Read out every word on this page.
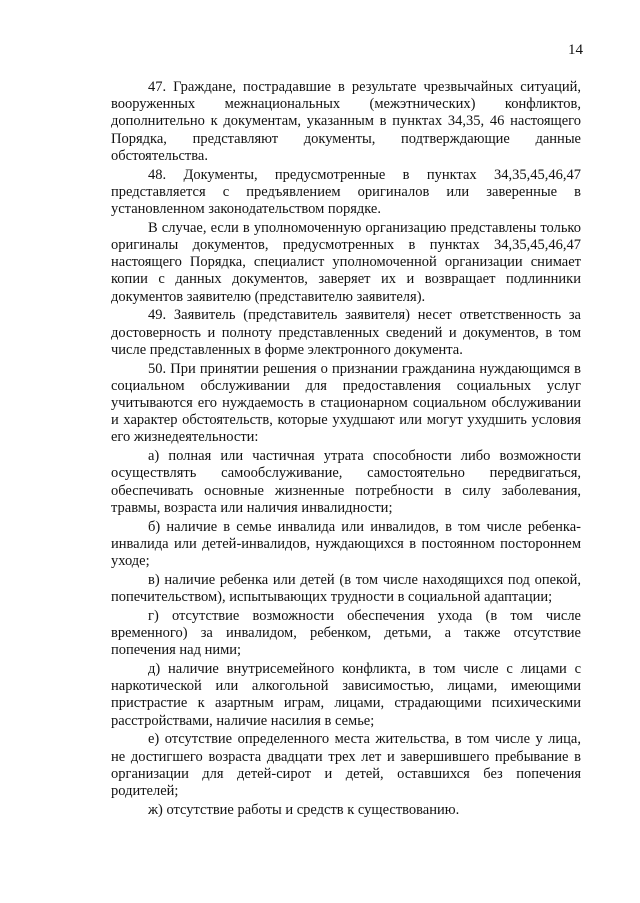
14

47. Граждане, пострадавшие в результате чрезвычайных ситуаций, вооруженных межнациональных (межэтнических) конфликтов, дополнительно к документам, указанным в пунктах 34,35, 46 настоящего Порядка, представляют документы, подтверждающие данные обстоятельства.

48. Документы, предусмотренные в пунктах 34,35,45,46,47 представляется с предъявлением оригиналов или заверенные в установленном законодательством порядке.

В случае, если в уполномоченную организацию представлены только оригиналы документов, предусмотренных в пунктах 34,35,45,46,47 настоящего Порядка, специалист уполномоченной организации снимает копии с данных документов, заверяет их и возвращает подлинники документов заявителю (представителю заявителя).

49. Заявитель (представитель заявителя) несет ответственность за достоверность и полноту представленных сведений и документов, в том числе представленных в форме электронного документа.

50. При принятии решения о признании гражданина нуждающимся в социальном обслуживании для предоставления социальных услуг учитываются его нуждаемость в стационарном социальном обслуживании и характер обстоятельств, которые ухудшают или могут ухудшить условия его жизнедеятельности:

а) полная или частичная утрата способности либо возможности осуществлять самообслуживание, самостоятельно передвигаться, обеспечивать основные жизненные потребности в силу заболевания, травмы, возраста или наличия инвалидности;

б) наличие в семье инвалида или инвалидов, в том числе ребенка-инвалида или детей-инвалидов, нуждающихся в постоянном постороннем уходе;

в) наличие ребенка или детей (в том числе находящихся под опекой, попечительством), испытывающих трудности в социальной адаптации;

г) отсутствие возможности обеспечения ухода (в том числе временного) за инвалидом, ребенком, детьми, а также отсутствие попечения над ними;

д) наличие внутрисемейного конфликта, в том числе с лицами с наркотической или алкогольной зависимостью, лицами, имеющими пристрастие к азартным играм, лицами, страдающими психическими расстройствами, наличие насилия в семье;

е) отсутствие определенного места жительства, в том числе у лица, не достигшего возраста двадцати трех лет и завершившего пребывание в организации для детей-сирот и детей, оставшихся без попечения родителей;

ж) отсутствие работы и средств к существованию.
